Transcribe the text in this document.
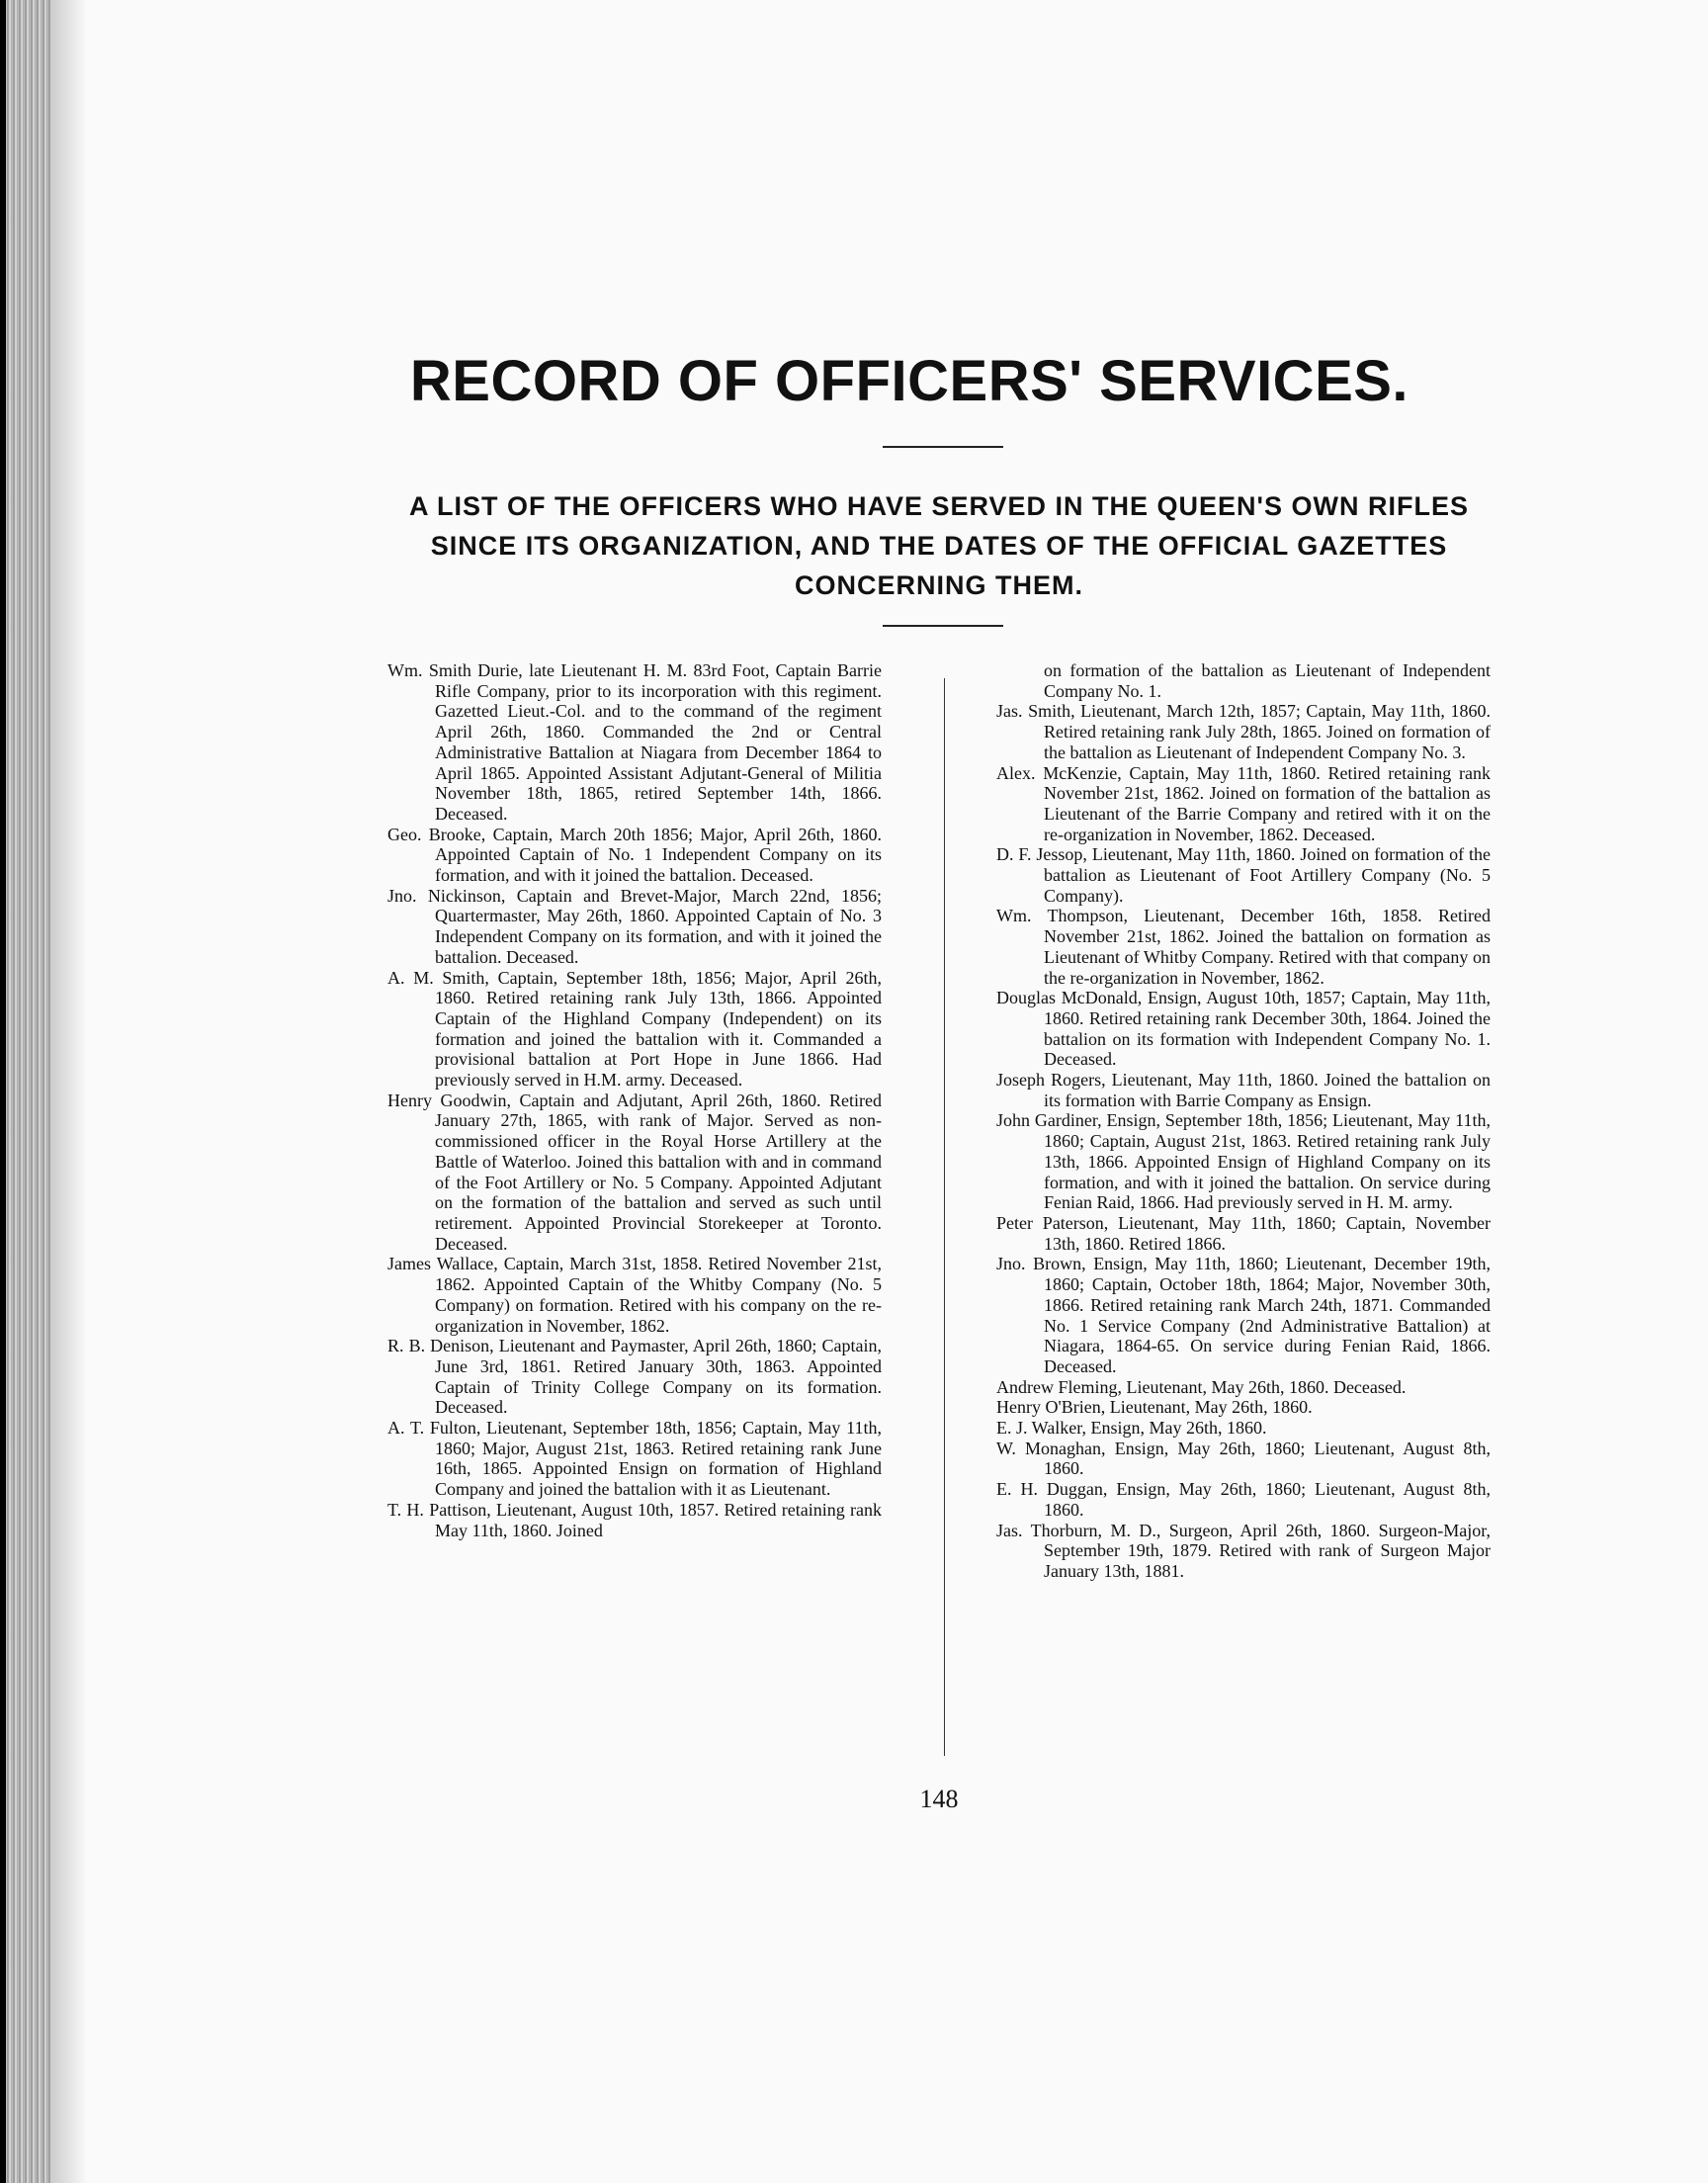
RECORD OF OFFICERS' SERVICES.

A LIST OF THE OFFICERS WHO HAVE SERVED IN THE QUEEN'S OWN RIFLES SINCE ITS ORGANIZATION, AND THE DATES OF THE OFFICIAL GAZETTES CONCERNING THEM.

Wm. Smith Durie, late Lieutenant H. M. 83rd Foot, Captain Barrie Rifle Company, prior to its incorporation with this regiment. Gazetted Lieut.-Col. and to the command of the regiment April 26th, 1860. Commanded the 2nd or Central Administrative Battalion at Niagara from December 1864 to April 1865. Appointed Assistant Adjutant-General of Militia November 18th, 1865, retired September 14th, 1866. Deceased.

Geo. Brooke, Captain, March 20th 1856; Major, April 26th, 1860. Appointed Captain of No. 1 Independent Company on its formation, and with it joined the battalion. Deceased.

Jno. Nickinson, Captain and Brevet-Major, March 22nd, 1856; Quartermaster, May 26th, 1860. Appointed Captain of No. 3 Independent Company on its formation, and with it joined the battalion. Deceased.

A. M. Smith, Captain, September 18th, 1856; Major, April 26th, 1860. Retired retaining rank July 13th, 1866. Appointed Captain of the Highland Company (Independent) on its formation and joined the battalion with it. Commanded a provisional battalion at Port Hope in June 1866. Had previously served in H.M. army. Deceased.

Henry Goodwin, Captain and Adjutant, April 26th, 1860. Retired January 27th, 1865, with rank of Major. Served as non-commissioned officer in the Royal Horse Artillery at the Battle of Waterloo. Joined this battalion with and in command of the Foot Artillery or No. 5 Company. Appointed Adjutant on the formation of the battalion and served as such until retirement. Appointed Provincial Storekeeper at Toronto. Deceased.

James Wallace, Captain, March 31st, 1858. Retired November 21st, 1862. Appointed Captain of the Whitby Company (No. 5 Company) on formation. Retired with his company on the re-organization in November, 1862.

R. B. Denison, Lieutenant and Paymaster, April 26th, 1860; Captain, June 3rd, 1861. Retired January 30th, 1863. Appointed Captain of Trinity College Company on its formation. Deceased.

A. T. Fulton, Lieutenant, September 18th, 1856; Captain, May 11th, 1860; Major, August 21st, 1863. Retired retaining rank June 16th, 1865. Appointed Ensign on formation of Highland Company and joined the battalion with it as Lieutenant.

T. H. Pattison, Lieutenant, August 10th, 1857. Retired retaining rank May 11th, 1860. Joined

on formation of the battalion as Lieutenant of Independent Company No. 1.

Jas. Smith, Lieutenant, March 12th, 1857; Captain, May 11th, 1860. Retired retaining rank July 28th, 1865. Joined on formation of the battalion as Lieutenant of Independent Company No. 3.

Alex. McKenzie, Captain, May 11th, 1860. Retired retaining rank November 21st, 1862. Joined on formation of the battalion as Lieutenant of the Barrie Company and retired with it on the re-organization in November, 1862. Deceased.

D. F. Jessop, Lieutenant, May 11th, 1860. Joined on formation of the battalion as Lieutenant of Foot Artillery Company (No. 5 Company).

Wm. Thompson, Lieutenant, December 16th, 1858. Retired November 21st, 1862. Joined the battalion on formation as Lieutenant of Whitby Company. Retired with that company on the re-organization in November, 1862.

Douglas McDonald, Ensign, August 10th, 1857; Captain, May 11th, 1860. Retired retaining rank December 30th, 1864. Joined the battalion on its formation with Independent Company No. 1. Deceased.

Joseph Rogers, Lieutenant, May 11th, 1860. Joined the battalion on its formation with Barrie Company as Ensign.

John Gardiner, Ensign, September 18th, 1856; Lieutenant, May 11th, 1860; Captain, August 21st, 1863. Retired retaining rank July 13th, 1866. Appointed Ensign of Highland Company on its formation, and with it joined the battalion. On service during Fenian Raid, 1866. Had previously served in H. M. army.

Peter Paterson, Lieutenant, May 11th, 1860; Captain, November 13th, 1860. Retired 1866.

Jno. Brown, Ensign, May 11th, 1860; Lieutenant, December 19th, 1860; Captain, October 18th, 1864; Major, November 30th, 1866. Retired retaining rank March 24th, 1871. Commanded No. 1 Service Company (2nd Administrative Battalion) at Niagara, 1864-65. On service during Fenian Raid, 1866. Deceased.

Andrew Fleming, Lieutenant, May 26th, 1860. Deceased.

Henry O'Brien, Lieutenant, May 26th, 1860.

E. J. Walker, Ensign, May 26th, 1860.

W. Monaghan, Ensign, May 26th, 1860; Lieutenant, August 8th, 1860.

E. H. Duggan, Ensign, May 26th, 1860; Lieutenant, August 8th, 1860.

Jas. Thorburn, M. D., Surgeon, April 26th, 1860. Surgeon-Major, September 19th, 1879. Retired with rank of Surgeon Major January 13th, 1881.

148
